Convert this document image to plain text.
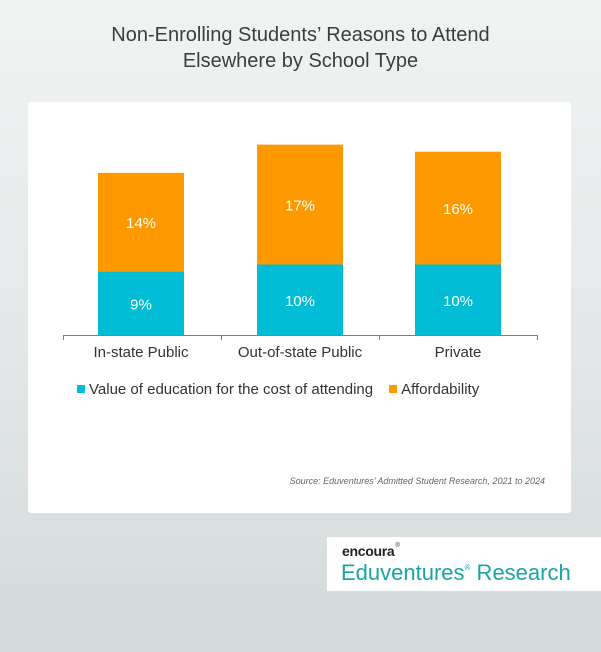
Non-Enrolling Students’ Reasons to Attend
Elsewhere by School Type
9%
14%
In-state Public
10%
17%
Out-of-state Public
10%
16%
Private
Value of education for the cost of attending Affordability
Source: Eduventures’ Admitted Student Research, 2021 to 2024
encoura®
Eduventures® Research
